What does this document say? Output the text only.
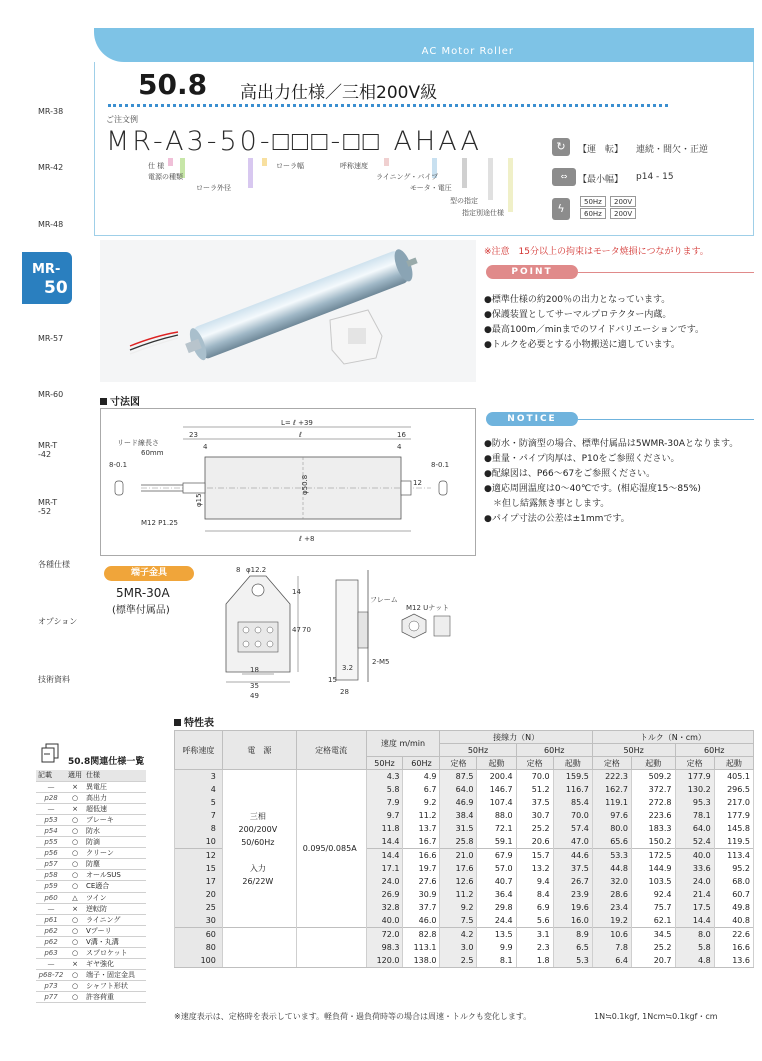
MR-38
MR-42
MR-48
MR-
50
MR-57
MR-60
MR-T -42
MR-T -52
各種仕様
オプション
技術資料
AC Motor Roller
50.8 高出力仕様／三相200V級
ご注文例
MR-A3-50-□□□-□□ AHAA
仕 様
電源の種類
ローラ外径
ローラ幅	呼称速度
ライニング・パイプ
モータ・電圧
型の指定
指定別途仕様
↻	【運　転】 連続・間欠・正逆
⇔	【最小幅】 p14 - 15
ϟ	50Hz	200V
60Hz	200V
※注意　15分以上の拘束はモータ焼損につながります。
POINT
●標準仕様の約200％の出力となっています。
●保護装置としてサーマルプロテクター内蔵。
●最高100m／minまでのワイドバリエーションです。
●トルクを必要とする小物搬送に適しています。
NOTICE
●防水・防滴型の場合、標準付属品は5WMR-30Aとなります。
●重量・パイプ肉厚は、P10をご参照ください。
●配線図は、P66～67をご参照ください。
●適応周囲温度は0～40℃です。(相応湿度15～85%)
　＊但し結露無き事とします。
●パイプ寸法の公差は±1mmです。
寸法図
L= ℓ +39
リード線長さ
60mm
23
4
16
4
ℓ
ℓ +8
φ50.8
φ15
M12 P1.25
8-0.1	8-0.1
12
端子金具
5MR-30A
(標準付属品)
φ12.2
8
14
47 70
18
35
49
フレーム
M12 Uナット
2-M5
3.2
15
28
50.8関連仕様一覧
記載	適用	仕様
—	×	異電圧
p28	○	高出力
—	×	超低速
p53	○	ブレーキ
p54	○	防水
p55	○	防滴
p56	○	クリーン
p57	○	防塵
p58	○	オールSUS
p59	○	CE適合
p60	△	ツイン
—	×	逆転防
p61	○	ライニング
p62	○	Vプーリ
p62	○	V溝・丸溝
p63	○	スプロケット
—	×	ギヤ強化
p68-72	○	端子・固定金具
p73	○	シャフト形状
p77	○	許容荷重
特性表
呼称速度	電　源	定格電流	速度 m/min		接線力（N）				トルク（N・cm）			
					50Hz		60Hz		50Hz		60Hz	
			50Hz	60Hz	定格	起動	定格	起動	定格	起動	定格	起動
3	三相
200/200V
50/60Hz
入力
26/22W	0.095/0.085A	4.3	4.9	87.5	200.4	70.0	159.5	222.3	509.2	177.9	405.1
4			5.8	6.7	64.0	146.7	51.2	116.7	162.7	372.7	130.2	296.5
5			7.9	9.2	46.9	107.4	37.5	85.4	119.1	272.8	95.3	217.0
7			9.7	11.2	38.4	88.0	30.7	70.0	97.6	223.6	78.1	177.9
8			11.8	13.7	31.5	72.1	25.2	57.4	80.0	183.3	64.0	145.8
10			14.4	16.7	25.8	59.1	20.6	47.0	65.6	150.2	52.4	119.5
12			14.4	16.6	21.0	67.9	15.7	44.6	53.3	172.5	40.0	113.4
15			17.1	19.7	17.6	57.0	13.2	37.5	44.8	144.9	33.6	95.2
17			24.0	27.6	12.6	40.7	9.4	26.7	32.0	103.5	24.0	68.0
20			26.9	30.9	11.2	36.4	8.4	23.9	28.6	92.4	21.4	60.7
25			32.8	37.7	9.2	29.8	6.9	19.6	23.4	75.7	17.5	49.8
30			40.0	46.0	7.5	24.4	5.6	16.0	19.2	62.1	14.4	40.8
60			72.0	82.8	4.2	13.5	3.1	8.9	10.6	34.5	8.0	22.6
80			98.3	113.1	3.0	9.9	2.3	6.5	7.8	25.2	5.8	16.6
100			120.0	138.0	2.5	8.1	1.8	5.3	6.4	20.7	4.8	13.6
※速度表示は、定格時を表示しています。軽負荷・過負荷時等の場合は周速・トルクも変化します。	1N≒0.1kgf, 1Ncm≒0.1kgf・cm
